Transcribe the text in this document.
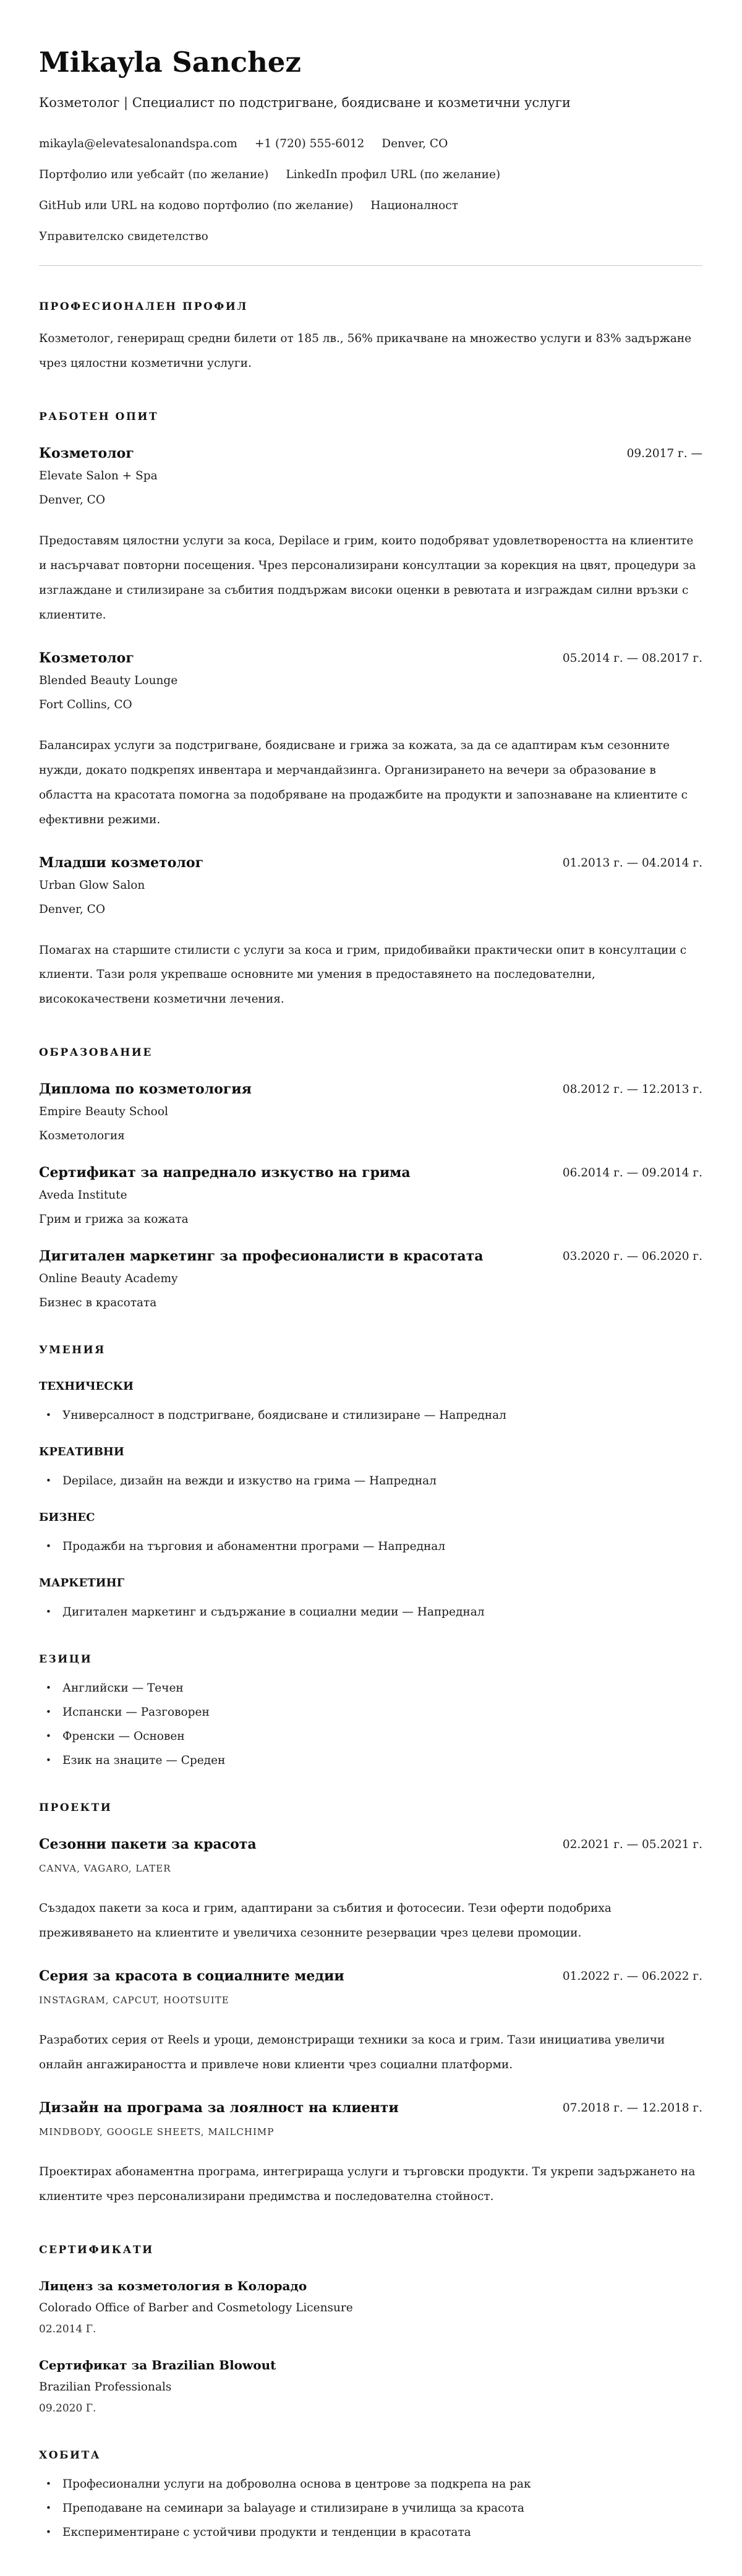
Mikayla Sanchez

Козметолог | Специалист по подстригване, боядисване и козметични услуги

mikayla@elevatesalonandspa.com +1 (720) 555-6012 Denver, CO
Портфолио или уебсайт (по желание) LinkedIn профил URL (по желание)
GitHub или URL на кодово портфолио (по желание) Националност
Управителско свидетелство
ПРОФЕСИОНАЛЕН ПРОФИЛ

Козметолог, генериращ средни билети от 185 лв., 56% прикачване на множество услуги и 83% задържане чрез цялостни козметични услуги.

РАБОТЕН ОПИТ
Козметолог	09.2017 г. —
Elevate Salon + Spa
Denver, CO

Предоставям цялостни услуги за коса, Depilace и грим, които подобряват удовлетвореността на клиентите и насърчават повторни посещения. Чрез персонализирани консултации за корекция на цвят, процедури за изглаждане и стилизиране за събития поддържам високи оценки в ревютата и изграждам силни връзки с клиентите.

Козметолог	05.2014 г. — 08.2017 г.
Blended Beauty Lounge
Fort Collins, CO

Балансирах услуги за подстригване, боядисване и грижа за кожата, за да се адаптирам към сезонните нужди, докато подкрепях инвентара и мерчандайзинга. Организирането на вечери за образование в областта на красотата помогна за подобряване на продажбите на продукти и запознаване на клиентите с ефективни режими.

Младши козметолог	01.2013 г. — 04.2014 г.
Urban Glow Salon
Denver, CO

Помагах на старшите стилисти с услуги за коса и грим, придобивайки практически опит в консултации с клиенти. Тази роля укрепваше основните ми умения в предоставянето на последователни, висококачествени козметични лечения.

ОБРАЗОВАНИЕ
Диплома по козметология	08.2012 г. — 12.2013 г.
Empire Beauty School
Козметология
Сертификат за напреднало изкуство на грима	06.2014 г. — 09.2014 г.
Aveda Institute
Грим и грижа за кожата
Дигитален маркетинг за професионалисти в красотата	03.2020 г. — 06.2020 г.
Online Beauty Academy
Бизнес в красотата
УМЕНИЯ
ТЕХНИЧЕСКИ
• Универсалност в подстригване, боядисване и стилизиране — Напреднал
КРЕАТИВНИ
• Depilace, дизайн на вежди и изкуство на грима — Напреднал
БИЗНЕС
• Продажби на търговия и абонаментни програми — Напреднал
МАРКЕТИНГ
• Дигитален маркетинг и съдържание в социални медии — Напреднал
ЕЗИЦИ
• Английски — Течен
• Испански — Разговорен
• Френски — Основен
• Език на знаците — Среден
ПРОЕКТИ
Сезонни пакети за красота	02.2021 г. — 05.2021 г.
CANVA, VAGARO, LATER

Създадох пакети за коса и грим, адаптирани за събития и фотосесии. Тези оферти подобриха преживяването на клиентите и увеличиха сезонните резервации чрез целеви промоции.

Серия за красота в социалните медии	01.2022 г. — 06.2022 г.
INSTAGRAM, CAPCUT, HOOTSUITE

Разработих серия от Reels и уроци, демонстриращи техники за коса и грим. Тази инициатива увеличи онлайн ангажираността и привлече нови клиенти чрез социални платформи.

Дизайн на програма за лоялност на клиенти	07.2018 г. — 12.2018 г.
MINDBODY, GOOGLE SHEETS, MAILCHIMP

Проектирах абонаментна програма, интегрираща услуги и търговски продукти. Тя укрепи задържането на клиентите чрез персонализирани предимства и последователна стойност.

СЕРТИФИКАТИ
Лиценз за козметология в Колорадо
Colorado Office of Barber and Cosmetology Licensure
02.2014 Г.
Сертификат за Brazilian Blowout
Brazilian Professionals
09.2020 Г.
ХОБИТА
• Професионални услуги на доброволна основа в центрове за подкрепа на рак
• Преподаване на семинари за balayage и стилизиране в училища за красота
• Експериментиране с устойчиви продукти и тенденции в красотата
